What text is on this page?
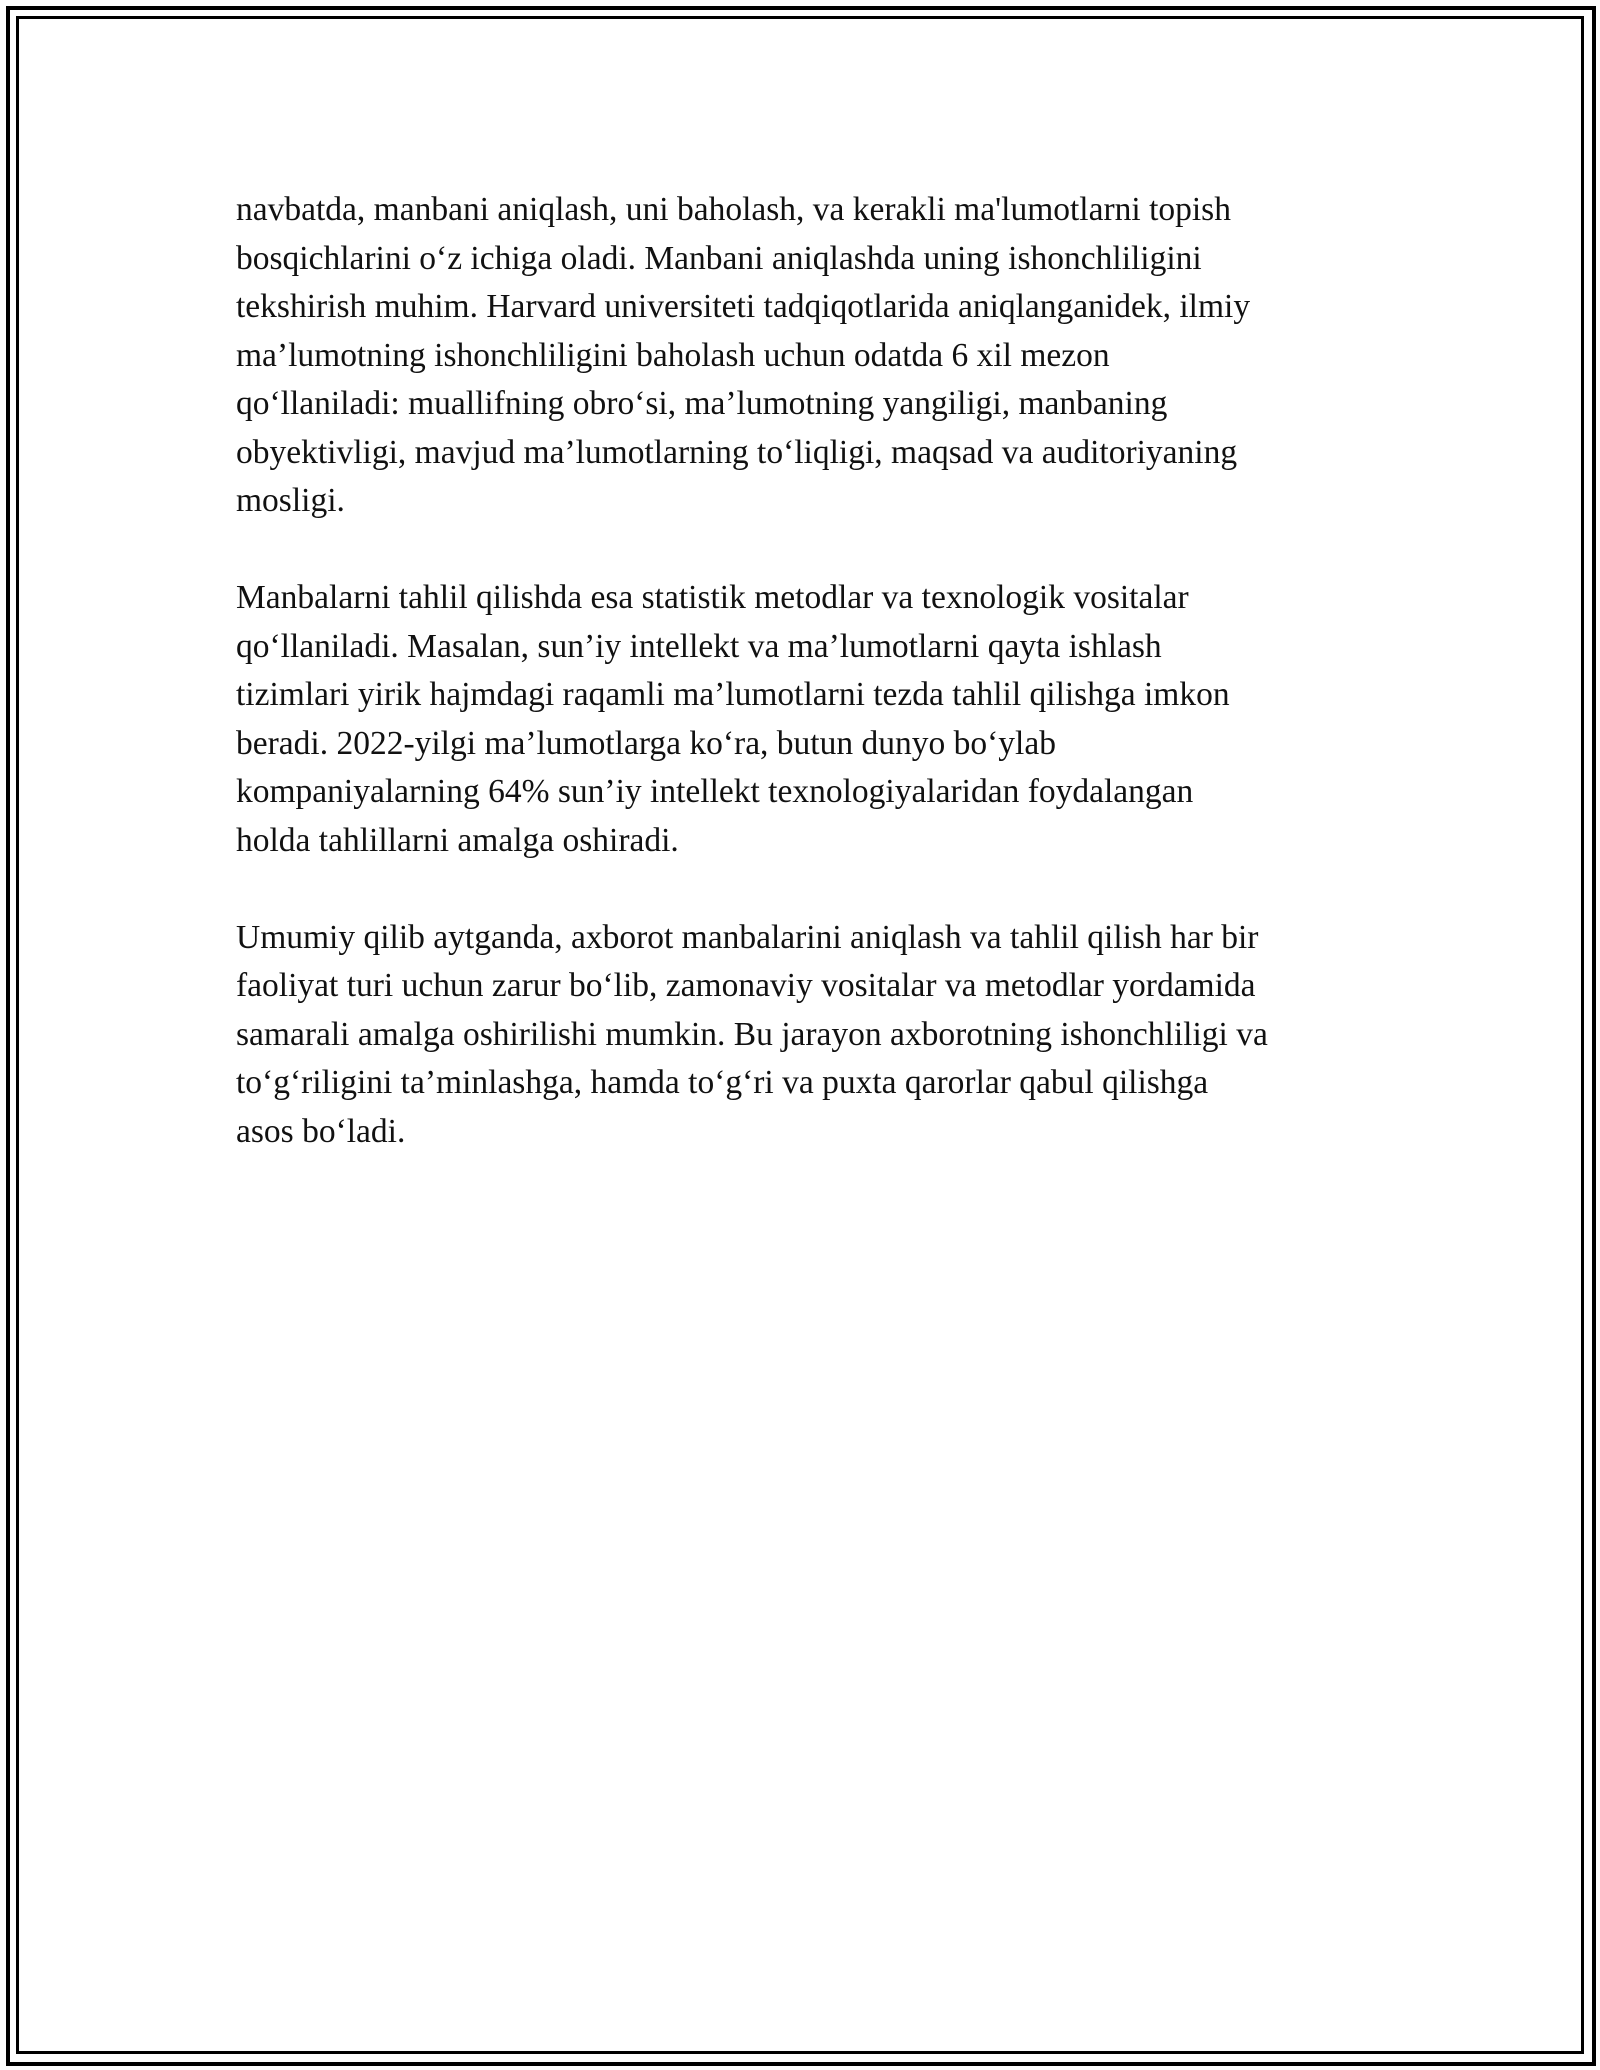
navbatda, manbani aniqlash, uni baholash, va kerakli ma'lumotlarni topish
bosqichlarini oʻz ichiga oladi. Manbani aniqlashda uning ishonchliligini
tekshirish muhim. Harvard universiteti tadqiqotlarida aniqlanganidek, ilmiy
ma’lumotning ishonchliligini baholash uchun odatda 6 xil mezon
qoʻllaniladi: muallifning obroʻsi, ma’lumotning yangiligi, manbaning
obyektivligi, mavjud ma’lumotlarning toʻliqligi, maqsad va auditoriyaning
mosligi.

Manbalarni tahlil qilishda esa statistik metodlar va texnologik vositalar
qoʻllaniladi. Masalan, sun’iy intellekt va ma’lumotlarni qayta ishlash
tizimlari yirik hajmdagi raqamli ma’lumotlarni tezda tahlil qilishga imkon
beradi. 2022-yilgi ma’lumotlarga koʻra, butun dunyo boʻylab
kompaniyalarning 64% sun’iy intellekt texnologiyalaridan foydalangan
holda tahlillarni amalga oshiradi.

Umumiy qilib aytganda, axborot manbalarini aniqlash va tahlil qilish har bir
faoliyat turi uchun zarur boʻlib, zamonaviy vositalar va metodlar yordamida
samarali amalga oshirilishi mumkin. Bu jarayon axborotning ishonchliligi va
toʻgʻriligini ta’minlashga, hamda toʻgʻri va puxta qarorlar qabul qilishga
asos boʻladi.
